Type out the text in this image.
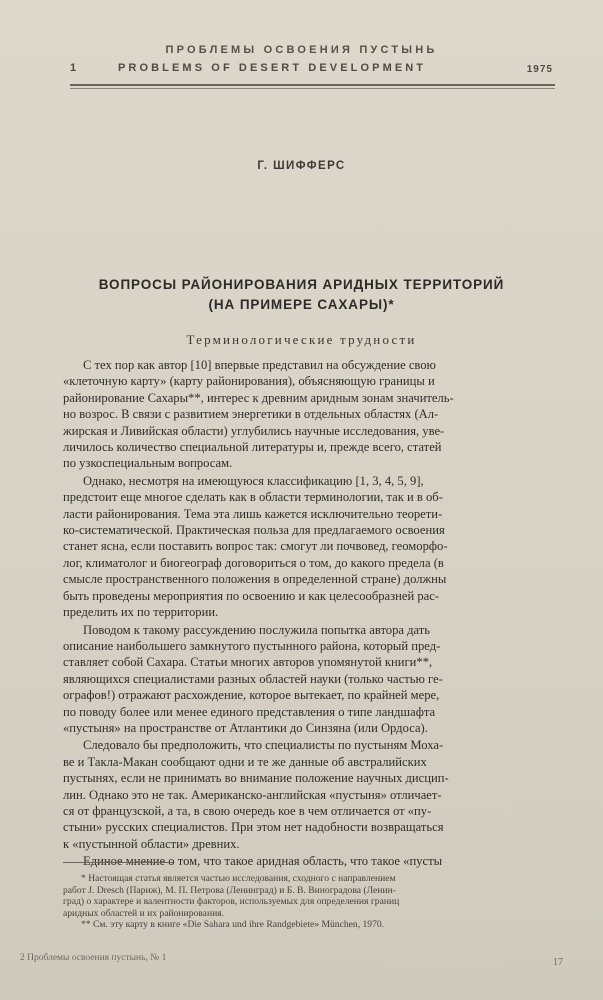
ПРОБЛЕМЫ ОСВОЕНИЯ ПУСТЫНЬ
1	PROBLEMS OF DESERT DEVELOPMENT	1975
Г. ШИФФЕРС
ВОПРОСЫ РАЙОНИРОВАНИЯ АРИДНЫХ ТЕРРИТОРИЙ
(НА ПРИМЕРЕ САХАРЫ)*
Терминологические трудности

С тех пор как автор [10] впервые представил на обсуждение свою
«клеточную карту» (карту районирования), объясняющую границы и
районирование Сахары**, интерес к древним аридным зонам значитель-
но возрос. В связи с развитием энергетики в отдельных областях (Ал-
жирская и Ливийская области) углубились научные исследования, уве-
личилось количество специальной литературы и, прежде всего, статей
по узкоспециальным вопросам.

Однако, несмотря на имеющуюся классификацию [1, 3, 4, 5, 9],
предстоит еще многое сделать как в области терминологии, так и в об-
ласти районирования. Тема эта лишь кажется исключительно теорети-
ко-систематической. Практическая польза для предлагаемого освоения
станет ясна, если поставить вопрос так: смогут ли почвовед, геоморфо-
лог, климатолог и биогеограф договориться о том, до какого предела (в
смысле пространственного положения в определенной стране) должны
быть проведены мероприятия по освоению и как целесообразней рас-
пределить их по территории.

Поводом к такому рассуждению послужила попытка автора дать
описание наибольшего замкнутого пустынного района, который пред-
ставляет собой Сахара. Статьи многих авторов упомянутой книги**,
являющихся специалистами разных областей науки (только частью ге-
ографов!) отражают расхождение, которое вытекает, по крайней мере,
по поводу более или менее единого представления о типе ландшафта
«пустыня» на пространстве от Атлантики до Синзяна (или Ордоса).

Следовало бы предположить, что специалисты по пустыням Моха-
ве и Такла-Макан сообщают одни и те же данные об австралийских
пустынях, если не принимать во внимание положение научных дисцип-
лин. Однако это не так. Американско-английская «пустыня» отличает-
ся от французской, а та, в свою очередь кое в чем отличается от «пу-
стыни» русских специалистов. При этом нет надобности возвращаться
к «пустынной области» древних.

Единое мнение о том, что такое аридная область, что такое «пусты

* Настоящая статья является частью исследования, сходного с направлением
работ J. Dresch (Париж), М. П. Петрова (Ленинград) и Б. В. Виноградова (Ленин-
град) о характере и валентности факторов, используемых для определения границ
аридных областей и их районирования.
** См. эту карту в книге «Die Sahara und ihre Randgebiete» München, 1970.
2 Проблемы освоения пустынь, № 1	17
